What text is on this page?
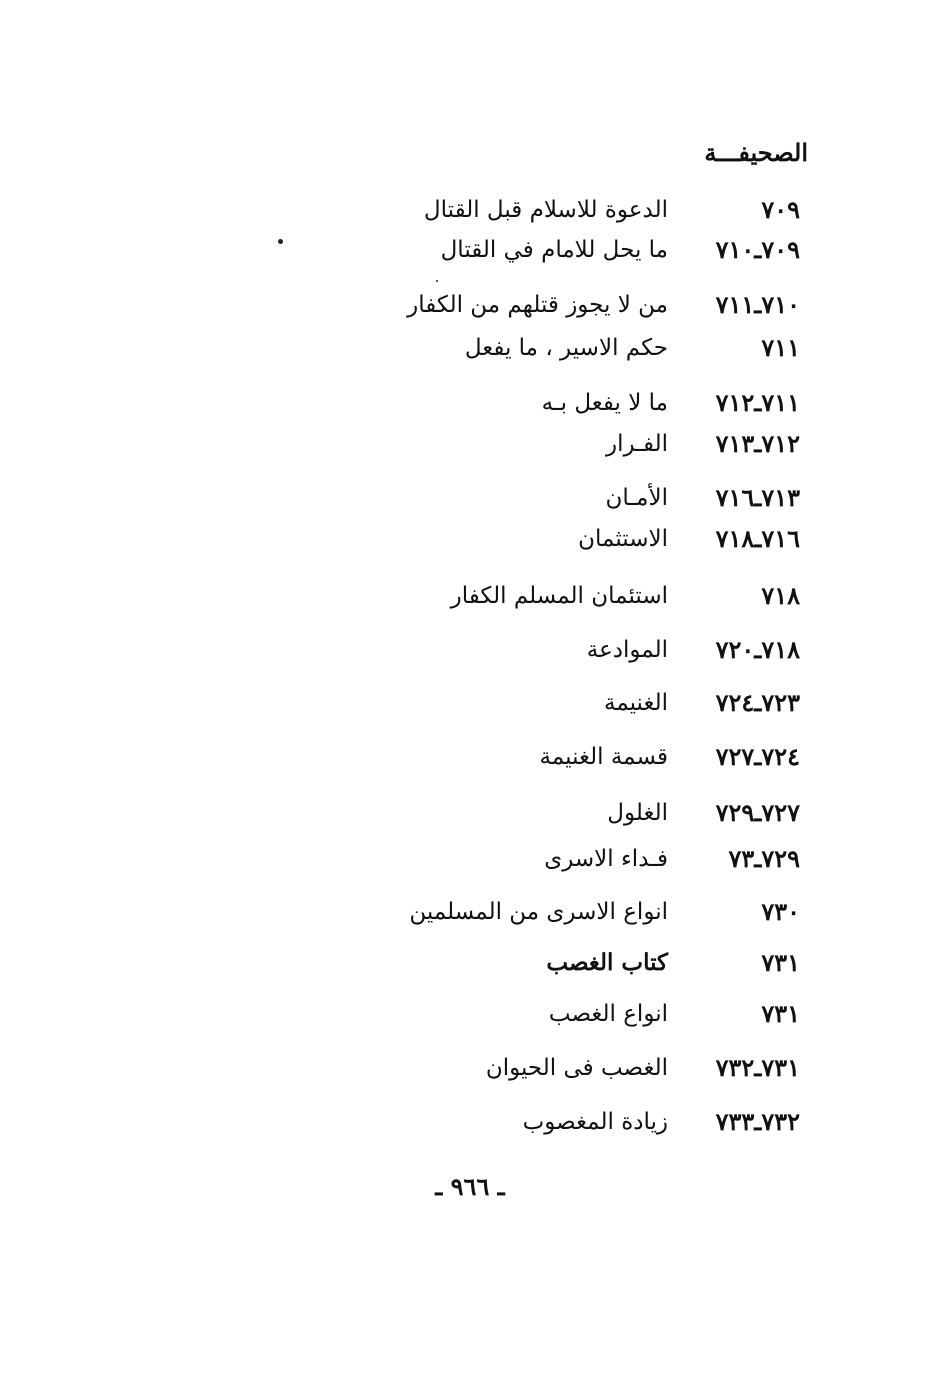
الصحيفـــة
٧٠٩
الدعوة للاسلام قبل القتال
٧٠٩ـ٧١٠
ما يحل للامام في القتال
٧١٠ـ٧١١
من لا يجوز قتلهم من الكفار
٧١١
حكم الاسير ، ما يفعل
٧١١ـ٧١٢
ما لا يفعل بـه
٧١٢ـ٧١٣
الفـرار
٧١٣ـ٧١٦
الأمـان
٧١٦ـ٧١٨
الاستثمان
٧١٨
استئمان المسلم الكفار
٧١٨ـ٧٢٠
الموادعة
٧٢٣ـ٧٢٤
الغنيمة
٧٢٤ـ٧٢٧
قسمة الغنيمة
٧٢٧ـ٧٢٩
الغلول
٧٢٩ـ٧٣
فـداء الاسرى
٧٣٠
انواع الاسرى من المسلمين
٧٣١
كتاب الغصب
٧٣١
انواع الغصب
٧٣١ـ٧٣٢
الغصب فى الحيوان
٧٣٢ـ٧٣٣
زيادة المغصوب
ـ ٩٦٦ ـ
